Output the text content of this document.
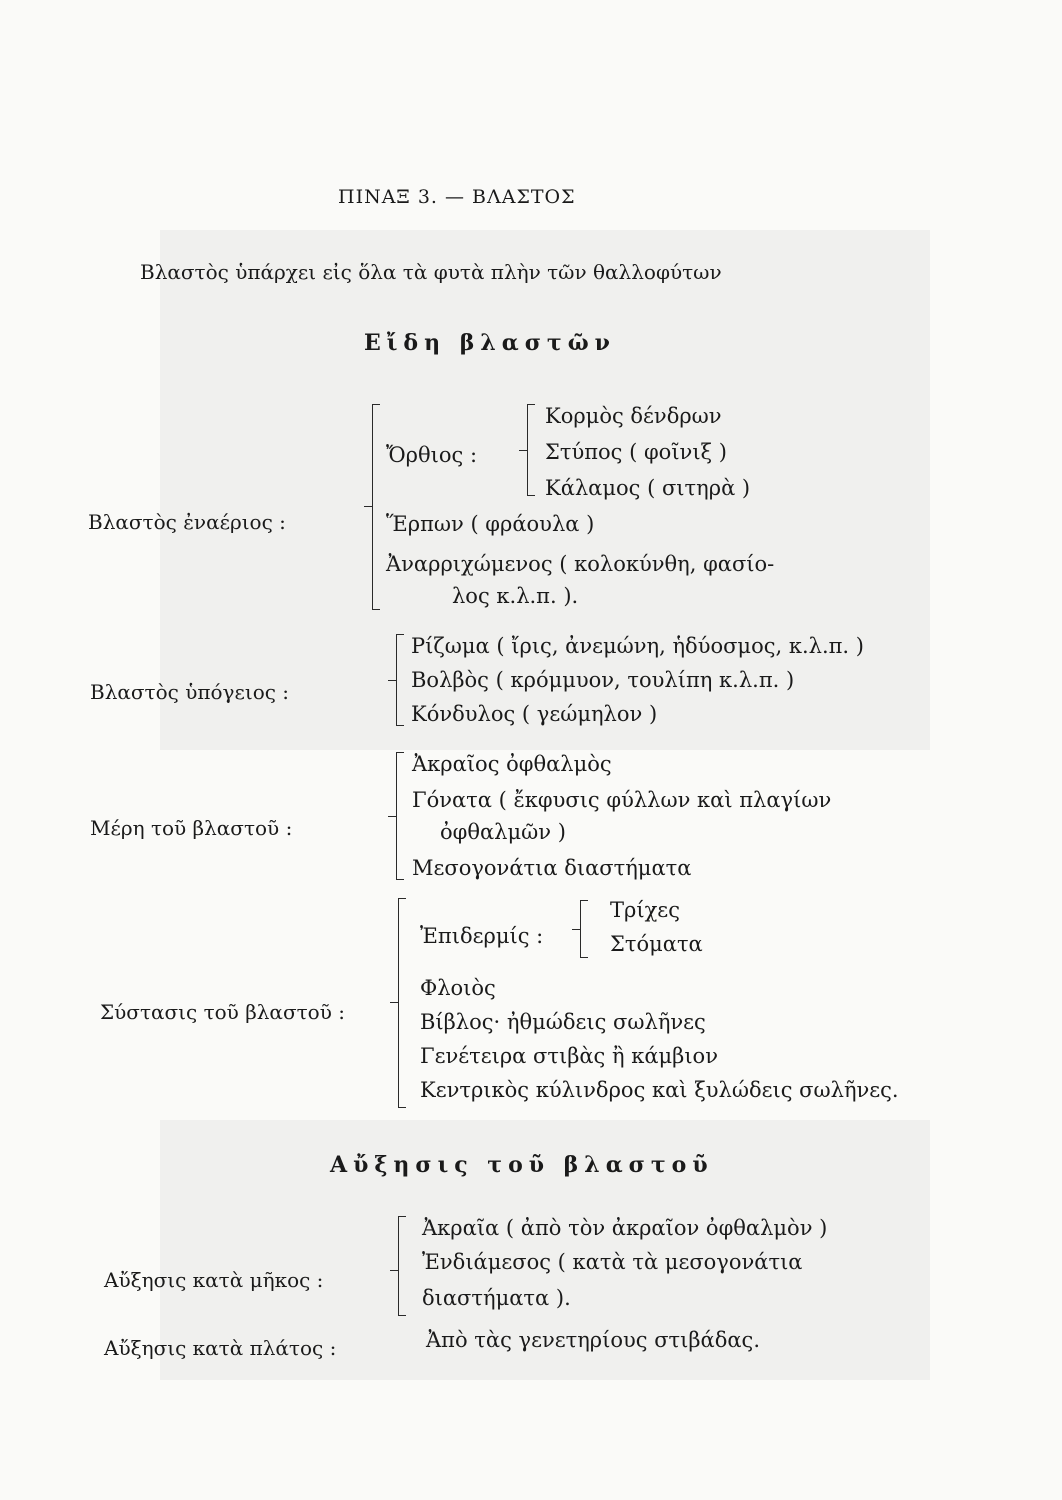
ΠΙΝΑΞ 3. — ΒΛΑΣΤΟΣ
Βλαστὸς ὑπάρχει εἰς ὅλα τὰ φυτὰ πλὴν τῶν θαλλοφύτων
Εἴδη βλαστῶν
Βλαστὸς ἐναέριος :
Ὄρθιος :
Κορμὸς δένδρων
Στύπος ( φοῖνιξ )
Κάλαμος ( σιτηρὰ )
Ἕρπων ( φράουλα )
Ἀναρριχώμενος ( κολοκύνθη, φασίο-
λος κ.λ.π. ).
Βλαστὸς ὑπόγειος :
Ρίζωμα ( ἴρις, ἀνεμώνη, ἡδύοσμος, κ.λ.π. )
Βολβὸς ( κρόμμυον, τουλίπη κ.λ.π. )
Κόνδυλος ( γεώμηλον )
Μέρη τοῦ βλαστοῦ :
Ἀκραῖος ὀφθαλμὸς
Γόνατα ( ἔκφυσις φύλλων καὶ πλαγίων
ὀφθαλμῶν )
Μεσογονάτια διαστήματα
Σύστασις τοῦ βλαστοῦ :
Ἐπιδερμίς :
Τρίχες
Στόματα
Φλοιὸς
Βίβλος· ἠθμώδεις σωλῆνες
Γενέτειρα στιβὰς ἢ κάμβιον
Κεντρικὸς κύλινδρος καὶ ξυλώδεις σωλῆνες.
Αὔξησις τοῦ βλαστοῦ
Αὔξησις κατὰ μῆκος :
Ἀκραῖα ( ἀπὸ τὸν ἀκραῖον ὀφθαλμὸν )
Ἐνδιάμεσος ( κατὰ τὰ μεσογονάτια
διαστήματα ).
Αὔξησις κατὰ πλάτος :	Ἀπὸ τὰς γενετηρίους στιβάδας.
